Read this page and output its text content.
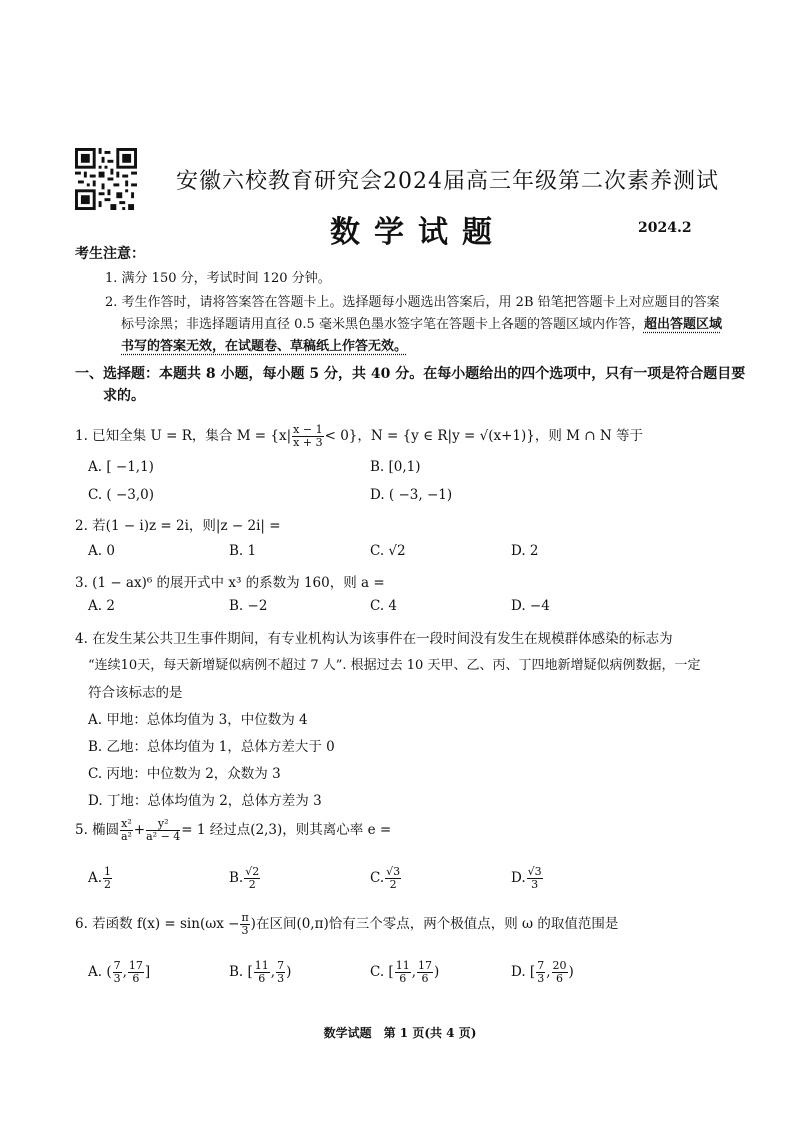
安徽六校教育研究会2024届高三年级第二次素养测试
数学试题	2024.2
考生注意：
1. 满分 150 分，考试时间 120 分钟。
2. 考生作答时，请将答案答在答题卡上。选择题每小题选出答案后，用 2B 铅笔把答题卡上对应题目的答案
标号涂黑；非选择题请用直径 0.5 毫米黑色墨水签字笔在答题卡上各题的答题区域内作答，超出答题区域
书写的答案无效，在试题卷、草稿纸上作答无效。
一、选择题：本题共 8 小题，每小题 5 分，共 40 分。在每小题给出的四个选项中，只有一项是符合题目要
求的。
1. 已知全集 U = R，集合 $M = \{x| \frac{x - 1}{x + 3} < 0\}$，N = {y ∈ R|y = √(x+1)}，则 M ∩ N 等于
A. [ −1,1)	B. [0,1)
C. ( −3,0)	D. ( −3, −1)
2. 若(1 − i)z = 2i，则|z − 2i| =
A. 0	B. 1	C. √2	D. 2
3. (1 − ax)⁶ 的展开式中 x³ 的系数为 160，则 a =
A. 2	B. −2	C. 4	D. −4
4. 在发生某公共卫生事件期间，有专业机构认为该事件在一段时间没有发生在规模群体感染的标志为
“连续10天，每天新增疑似病例不超过 7 人”. 根据过去 10 天甲、乙、丙、丁四地新增疑似病例数据，一定
符合该标志的是
A. 甲地：总体均值为 3，中位数为 4
B. 乙地：总体均值为 1，总体方差大于 0
C. 丙地：中位数为 2，众数为 3
D. 丁地：总体均值为 2，总体方差为 3
5. 椭圆 $\frac{\text{x²}}{\text{a²}} + \frac{\text{y²}}{\text{a² − 4}} = 1$ 经过点(2,3)，则其离心率 e =
A. $\frac{1}{2}$	B. $\frac{√2}{2}$	C. $\frac{√3}{2}$	D. $\frac{√3}{3}$
6. 若函数 $f(x) = \sin(\omega x - \frac{\pi}{3}$ )在区间(0,π)恰有三个零点，两个极值点，则 ω 的取值范围是
A. ( $\frac{7}{3}$ , $\frac{17}{6}$ ]	B. [ $\frac{11}{6}$ , $\frac{7}{3}$ )	C. [ $\frac{11}{6}$ , $\frac{17}{6}$ )	D. [ $\frac{7}{3}$ , $\frac{20}{6}$ )
数学试题　第 1 页(共 4 页)
